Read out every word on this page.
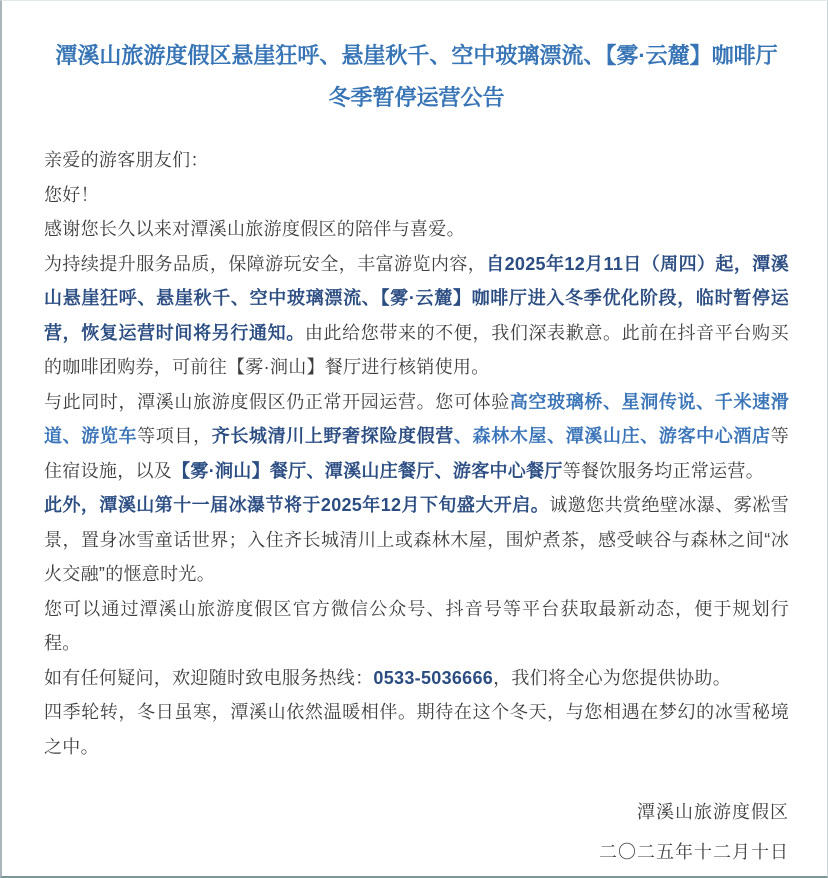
潭溪山旅游度假区悬崖狂呼、悬崖秋千、空中玻璃漂流、【雾·云麓】咖啡厅冬季暂停运营公告

亲爱的游客朋友们：

您好！

感谢您长久以来对潭溪山旅游度假区的陪伴与喜爱。

为持续提升服务品质，保障游玩安全，丰富游览内容，自2025年12月11日（周四）起，潭溪山悬崖狂呼、悬崖秋千、空中玻璃漂流、【雾·云麓】咖啡厅进入冬季优化阶段，临时暂停运营，恢复运营时间将另行通知。由此给您带来的不便，我们深表歉意。此前在抖音平台购买的咖啡团购券，可前往【雾·涧山】餐厅进行核销使用。

与此同时，潭溪山旅游度假区仍正常开园运营。您可体验高空玻璃桥、星洞传说、千米速滑道、游览车等项目，齐长城清川上野奢探险度假营、森林木屋、潭溪山庄、游客中心酒店等住宿设施，以及【雾·涧山】餐厅、潭溪山庄餐厅、游客中心餐厅等餐饮服务均正常运营。

此外，潭溪山第十一届冰瀑节将于2025年12月下旬盛大开启。诚邀您共赏绝壁冰瀑、雾凇雪景，置身冰雪童话世界；入住齐长城清川上或森林木屋，围炉煮茶，感受峡谷与森林之间“冰火交融”的惬意时光。

您可以通过潭溪山旅游度假区官方微信公众号、抖音号等平台获取最新动态，便于规划行程。

如有任何疑问，欢迎随时致电服务热线：0533-5036666，我们将全心为您提供协助。

四季轮转，冬日虽寒，潭溪山依然温暖相伴。期待在这个冬天，与您相遇在梦幻的冰雪秘境之中。

潭溪山旅游度假区
二〇二五年十二月十日
